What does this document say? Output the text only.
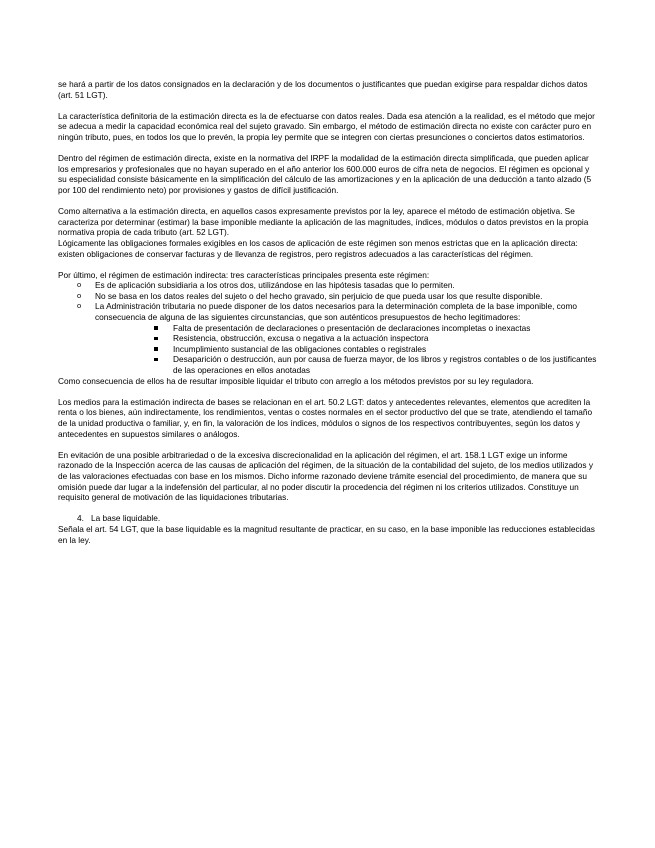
se hará a partir de los datos consignados en la declaración y de los documentos o justificantes que puedan exigirse para respaldar dichos datos (art. 51 LGT).

La característica definitoria de la estimación directa es la de efectuarse con datos reales. Dada esa atención a la realidad, es el método que mejor se adecua a medir la capacidad económica real del sujeto gravado. Sin embargo, el método de estimación directa no existe con carácter puro en ningún tributo, pues, en todos los que lo prevén, la propia ley permite que se integren con ciertas presunciones o conciertos datos estimatorios.

Dentro del régimen de estimación directa, existe en la normativa del IRPF la modalidad de la estimación directa simplificada, que pueden aplicar los empresarios y profesionales que no hayan superado en el año anterior los 600.000 euros de cifra neta de negocios. El régimen es opcional y su especialidad consiste básicamente en la simplificación del cálculo de las amortizaciones y en la aplicación de una deducción a tanto alzado (5 por 100 del rendimiento neto) por provisiones y gastos de difícil justificación.

Como alternativa a la estimación directa, en aquellos casos expresamente previstos por la ley, aparece el método de estimación objetiva. Se caracteriza por determinar (estimar) la base imponible mediante la aplicación de las magnitudes, índices, módulos o datos previstos en la propia normativa propia de cada tributo (art. 52 LGT).

Lógicamente las obligaciones formales exigibles en los casos de aplicación de este régimen son menos estrictas que en la aplicación directa: existen obligaciones de conservar facturas y de llevanza de registros, pero registros adecuados a las características del régimen.

Por último, el régimen de estimación indirecta: tres características principales presenta este régimen:

o Es de aplicación subsidiaria a los otros dos, utilizándose en las hipótesis tasadas que lo permiten.
o No se basa en los datos reales del sujeto o del hecho gravado, sin perjuicio de que pueda usar los que resulte disponible.
o La Administración tributaria no puede disponer de los datos necesarios para la determinación completa de la base imponible, como consecuencia de alguna de las siguientes circunstancias, que son auténticos presupuestos de hecho legitimadores:
Falta de presentación de declaraciones o presentación de declaraciones incompletas o inexactas
Resistencia, obstrucción, excusa o negativa a la actuación inspectora
Incumplimiento sustancial de las obligaciones contables o registrales
Desaparición o destrucción, aun por causa de fuerza mayor, de los libros y registros contables o de los justificantes de las operaciones en ellos anotadas

Como consecuencia de ellos ha de resultar imposible liquidar el tributo con arreglo a los métodos previstos por su ley reguladora.

Los medios para la estimación indirecta de bases se relacionan en el art. 50.2 LGT: datos y antecedentes relevantes, elementos que acrediten la renta o los bienes, aún indirectamente, los rendimientos, ventas o costes normales en el sector productivo del que se trate, atendiendo el tamaño de la unidad productiva o familiar, y, en fin, la valoración de los índices, módulos o signos de los respectivos contribuyentes, según los datos y antecedentes en supuestos similares o análogos.

En evitación de una posible arbitrariedad o de la excesiva discrecionalidad en la aplicación del régimen, el art. 158.1 LGT exige un informe razonado de la Inspección acerca de las causas de aplicación del régimen, de la situación de la contabilidad del sujeto, de los medios utilizados y de las valoraciones efectuadas con base en los mismos. Dicho informe razonado deviene trámite esencial del procedimiento, de manera que su omisión puede dar lugar a la indefensión del particular, al no poder discutir la procedencia del régimen ni los criterios utilizados. Constituye un requisito general de motivación de las liquidaciones tributarias.

4. La base liquidable.

Señala el art. 54 LGT, que la base liquidable es la magnitud resultante de practicar, en su caso, en la base imponible las reducciones establecidas en la ley.
